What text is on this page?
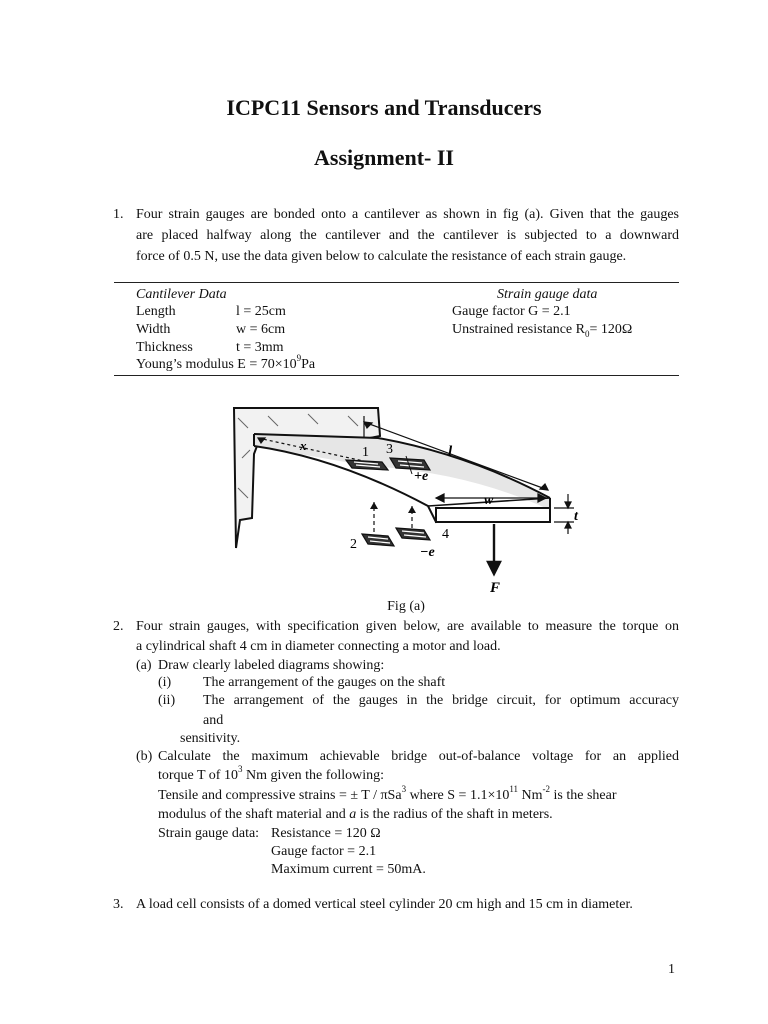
ICPC11 Sensors and Transducers
Assignment- II
1. Four strain gauges are bonded onto a cantilever as shown in fig (a). Given that the gauges
are placed halfway along the cantilever and the cantilever is subjected to a downward
force of 0.5 N, use the data given below to calculate the resistance of each strain gauge.
Cantilever Data	Strain gauge data
Length	l = 25cm	Gauge factor G = 2.1
Width	w = 6cm	Unstrained resistance $R_0= 120\Omega$
Thickness	t = 3mm
Young’s modulus $E = 70\times 10^9Pa$
x	l
w
t
1 3
+e
2
4
−e
F
Fig (a)
2. Four strain gauges, with specification given below, are available to measure the torque on
a cylindrical shaft 4 cm in diameter connecting a motor and load.
(a) Draw clearly labeled diagrams showing:
(i) The arrangement of the gauges on the shaft
(ii) The arrangement of the gauges in the bridge circuit, for optimum accuracy
and
sensitivity.
(b) Calculate the maximum achievable bridge out-of-balance voltage for an applied
torque T of $10^3$ Nm given the following:
Tensile and compressive strains = ± T / πSa$^3$ where $S = 1.1\times 10^{11}$ $Nm^{-2}$ is the shear
modulus of the shaft material and a is the radius of the shaft in meters.
Strain gauge data: Resistance = 120 Ω
Gauge factor = 2.1
Maximum current = 50mA.
3. A load cell consists of a domed vertical steel cylinder 20 cm high and 15 cm in diameter.
1
